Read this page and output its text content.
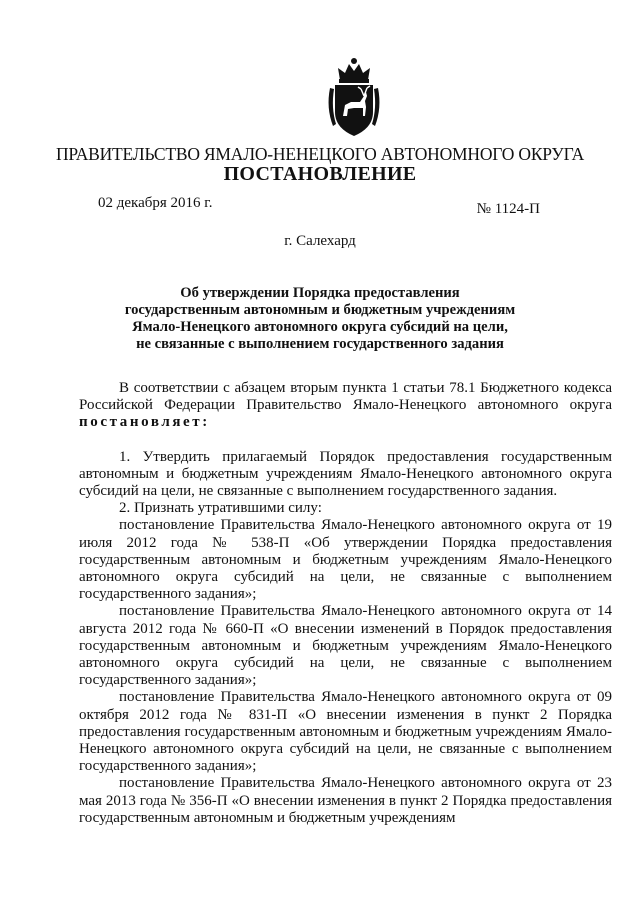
ПРАВИТЕЛЬСТВО ЯМАЛО-НЕНЕЦКОГО АВТОНОМНОГО ОКРУГА
ПОСТАНОВЛЕНИЕ
02 декабря 2016 г.	№ 1124-П
г. Салехард
Об утверждении Порядка предоставления
государственным автономным и бюджетным учреждениям
Ямало-Ненецкого автономного округа субсидий на цели,
не связанные с выполнением государственного задания

В соответствии с абзацем вторым пункта 1 статьи 78.1 Бюджетного кодекса Российской Федерации Правительство Ямало-Ненецкого автономного округа постановляет:

1. Утвердить прилагаемый Порядок предоставления государственным автономным и бюджетным учреждениям Ямало-Ненецкого автономного округа субсидий на цели, не связанные с выполнением государственного задания.

2. Признать утратившими силу:

постановление Правительства Ямало-Ненецкого автономного округа от 19 июля 2012 года № 538-П «Об утверждении Порядка предоставления государственным автономным и бюджетным учреждениям Ямало-Ненецкого автономного округа субсидий на цели, не связанные с выполнением государственного задания»;

постановление Правительства Ямало-Ненецкого автономного округа от 14 августа 2012 года № 660-П «О внесении изменений в Порядок предоставления государственным автономным и бюджетным учреждениям Ямало-Ненецкого автономного округа субсидий на цели, не связанные с выполнением государственного задания»;

постановление Правительства Ямало-Ненецкого автономного округа от 09 октября 2012 года № 831-П «О внесении изменения в пункт 2 Порядка предоставления государственным автономным и бюджетным учреждениям Ямало-Ненецкого автономного округа субсидий на цели, не связанные с выполнением государственного задания»;

постановление Правительства Ямало-Ненецкого автономного округа от 23 мая 2013 года № 356-П «О внесении изменения в пункт 2 Порядка предоставления государственным автономным и бюджетным учреждениям
